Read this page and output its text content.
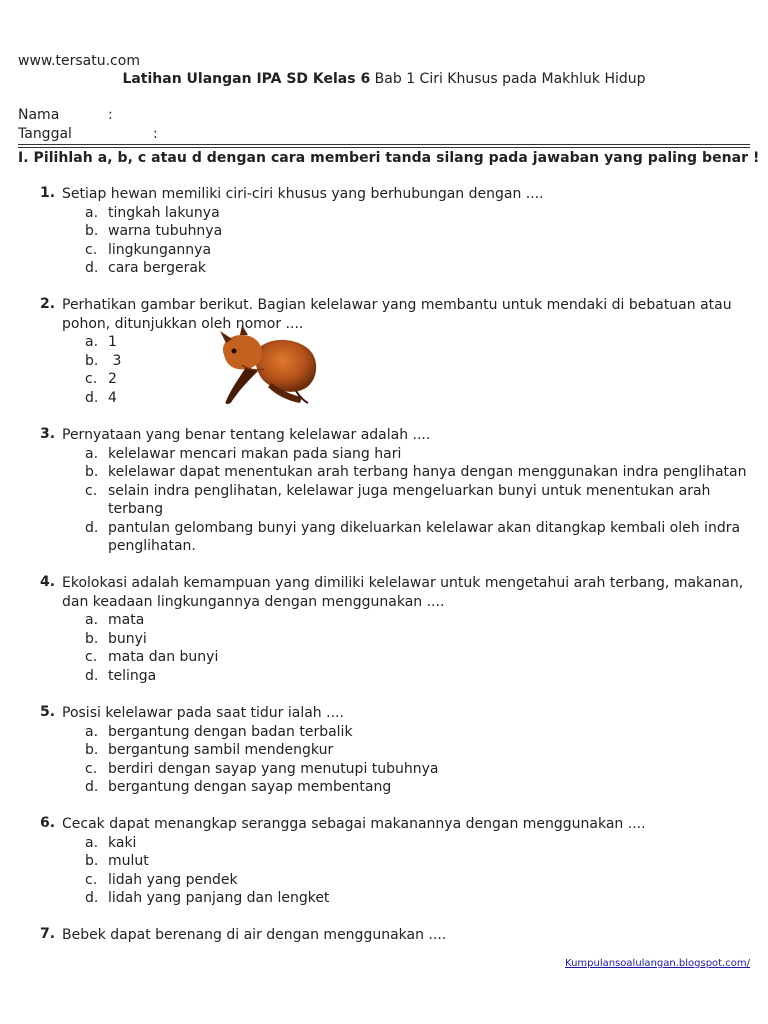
www.tersatu.com
Latihan Ulangan IPA SD Kelas 6 Bab 1 Ciri Khusus pada Makhluk Hidup
Nama	:
Tanggal	:
I. Pilihlah a, b, c atau d dengan cara memberi tanda silang pada jawaban yang paling benar !
1. Setiap hewan memiliki ciri-ciri khusus yang berhubungan dengan ....
a. tingkah lakunya
b. warna tubuhnya
c. lingkungannya
d. cara bergerak
2. Perhatikan gambar berikut. Bagian kelelawar yang membantu untuk mendaki di bebatuan atau pohon, ditunjukkan oleh nomor ....
a. 1
b. 3
c. 2
d. 4
3. Pernyataan yang benar tentang kelelawar adalah ....
a. kelelawar mencari makan pada siang hari
b. kelelawar dapat menentukan arah terbang hanya dengan menggunakan indra penglihatan
c. selain indra penglihatan, kelelawar juga mengeluarkan bunyi untuk menentukan arah terbang
d. pantulan gelombang bunyi yang dikeluarkan kelelawar akan ditangkap kembali oleh indra penglihatan.
4. Ekolokasi adalah kemampuan yang dimiliki kelelawar untuk mengetahui arah terbang, makanan, dan keadaan lingkungannya dengan menggunakan ....
a. mata
b. bunyi
c. mata dan bunyi
d. telinga
5. Posisi kelelawar pada saat tidur ialah ....
a. bergantung dengan badan terbalik
b. bergantung sambil mendengkur
c. berdiri dengan sayap yang menutupi tubuhnya
d. bergantung dengan sayap membentang
6. Cecak dapat menangkap serangga sebagai makanannya dengan menggunakan ....
a. kaki
b. mulut
c. lidah yang pendek
d. lidah yang panjang dan lengket
7. Bebek dapat berenang di air dengan menggunakan ....
Kumpulansoalulangan.blogspot.com/
